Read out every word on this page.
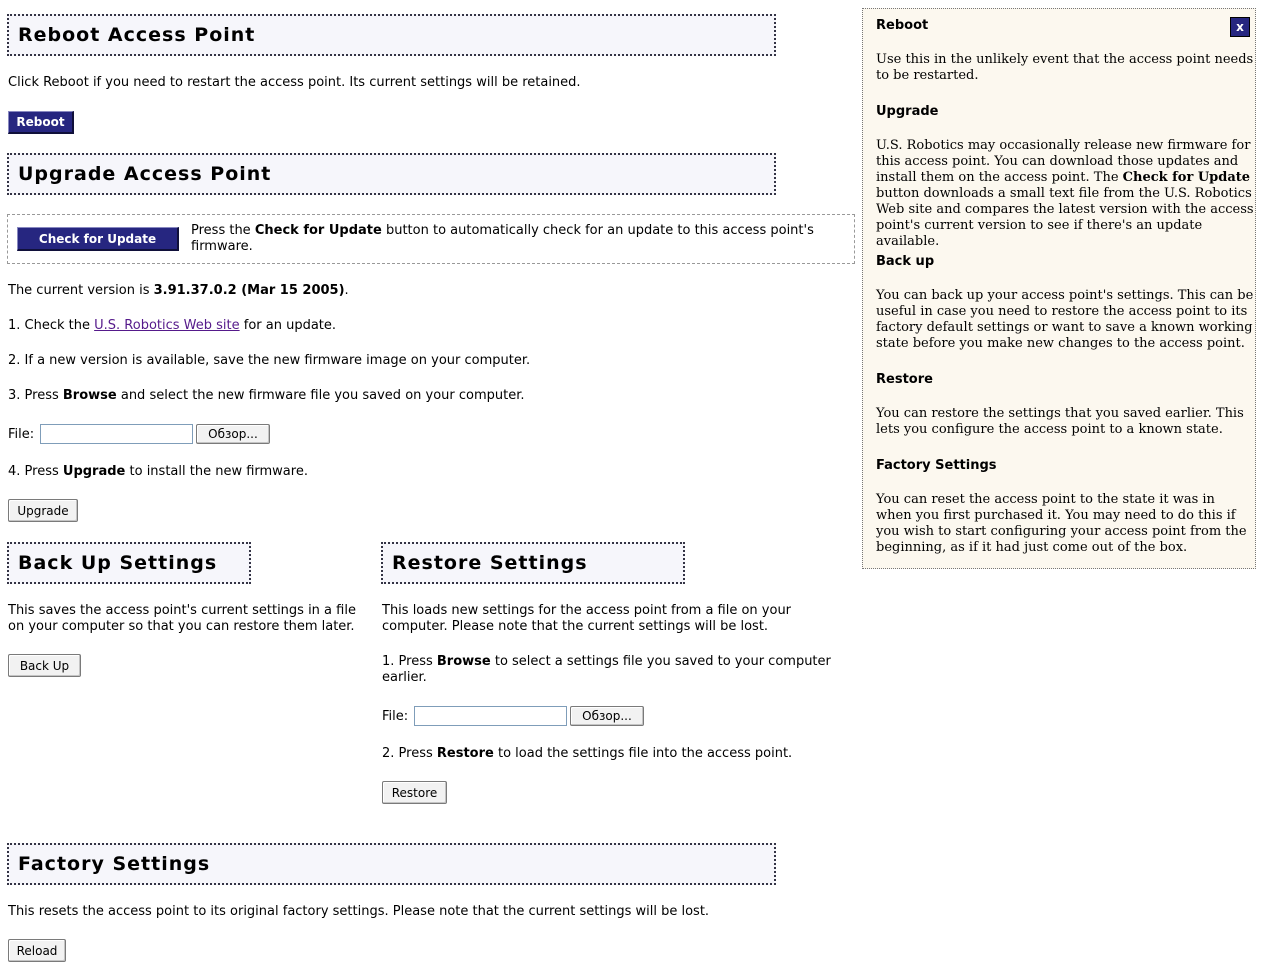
Reboot Access Point
Click Reboot if you need to restart the access point. Its current settings will be retained.
Reboot
Upgrade Access Point
Check for Update
Press the Check for Update button to automatically check for an update to this access point's firmware.
The current version is 3.91.37.0.2 (Mar 15 2005).
1. Check the U.S. Robotics Web site for an update.
2. If a new version is available, save the new firmware image on your computer.
3. Press Browse and select the new firmware file you saved on your computer.
File:	Обзор...
4. Press Upgrade to install the new firmware.
Upgrade
Back Up Settings
This saves the access point's current settings in a file on your computer so that you can restore them later.
Back Up
Restore Settings
This loads new settings for the access point from a file on your computer. Please note that the current settings will be lost.
1. Press Browse to select a settings file you saved to your computer earlier.
File:	Обзор...
2. Press Restore to load the settings file into the access point.
Restore
Factory Settings
This resets the access point to its original factory settings. Please note that the current settings will be lost.
Reload
x
Reboot
Use this in the unlikely event that the access point needs to be restarted.
Upgrade
U.S. Robotics may occasionally release new firmware for this access point. You can download those updates and install them on the access point. The Check for Update button downloads a small text file from the U.S. Robotics Web site and compares the latest version with the access point's current version to see if there's an update available.
Back up
You can back up your access point's settings. This can be useful in case you need to restore the access point to its factory default settings or want to save a known working state before you make new changes to the access point.
Restore
You can restore the settings that you saved earlier. This lets you configure the access point to a known state.
Factory Settings
You can reset the access point to the state it was in when you first purchased it. You may need to do this if you wish to start configuring your access point from the beginning, as if it had just come out of the box.
